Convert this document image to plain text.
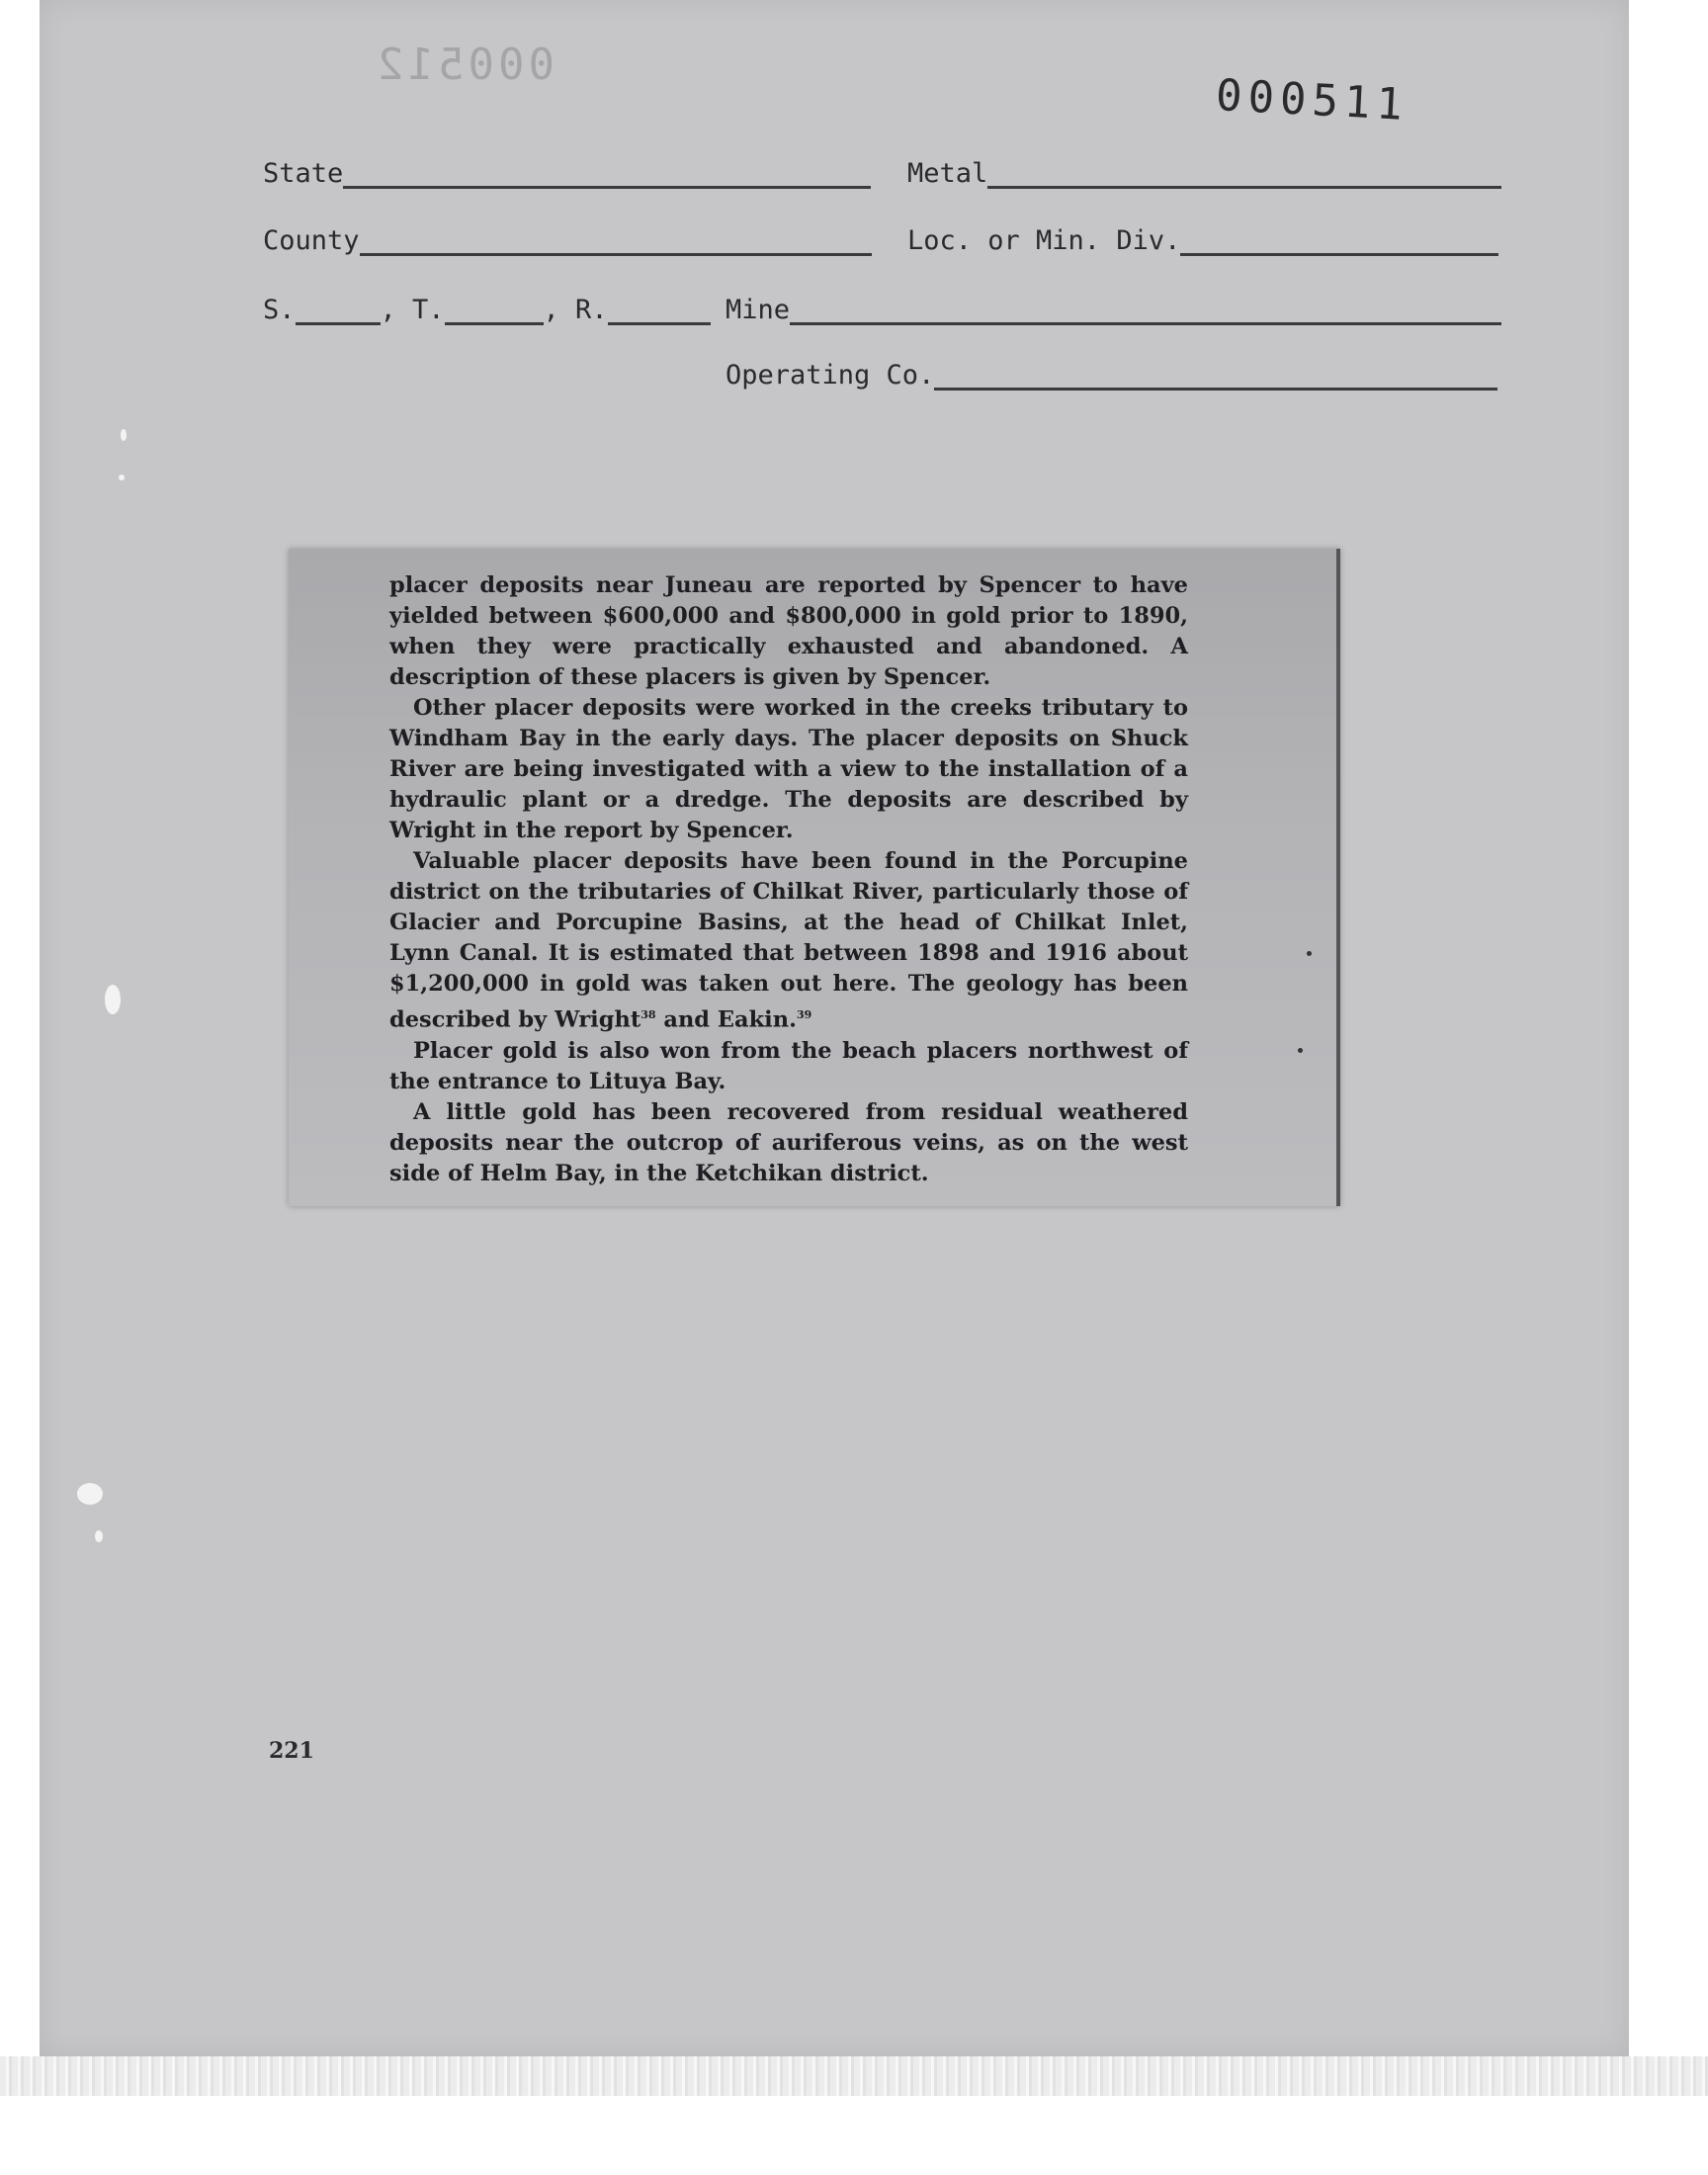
000512
000511
State	Metal
County	Loc. or Min. Div.
S.	, T.	, R.	Mine
Operating Co.

placer deposits near Juneau are reported by Spencer to have yielded between $600,000 and $800,000 in gold prior to 1890, when they were practically exhausted and abandoned. A description of these placers is given by Spencer.

Other placer deposits were worked in the creeks tributary to Windham Bay in the early days. The placer deposits on Shuck River are being investigated with a view to the installation of a hydraulic plant or a dredge. The deposits are described by Wright in the report by Spencer.

Valuable placer deposits have been found in the Porcupine district on the tributaries of Chilkat River, particularly those of Glacier and Porcupine Basins, at the head of Chilkat Inlet, Lynn Canal. It is estimated that between 1898 and 1916 about $1,200,000 in gold was taken out here. The geology has been described by Wright$^{38}$ and Eakin.$^{39}$

Placer gold is also won from the beach placers northwest of the entrance to Lituya Bay.

A little gold has been recovered from residual weathered deposits near the outcrop of auriferous veins, as on the west side of Helm Bay, in the Ketchikan district.

221
